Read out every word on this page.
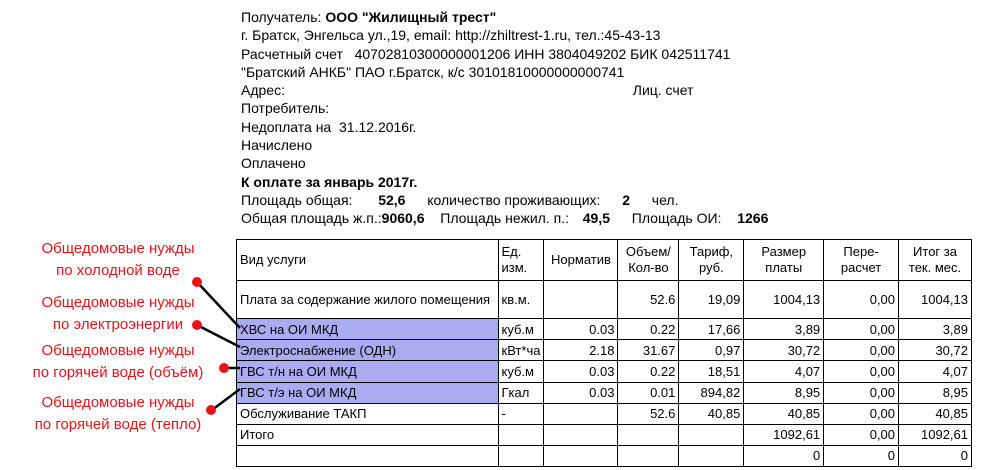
Получатель: ООО "Жилищный трест"
г. Братск, Энгельса ул.,19, email: http://zhiltrest-1.ru, тел.:45-43-13
Расчетный счет 40702810300000001206 ИНН 3804049202 БИК 042511741
"Братский АНКБ" ПАО г.Братск, к/с 30101810000000000741
Адрес:	Лиц. счет
Потребитель:
Недоплата на 31.12.2016г.
Начислено
Оплачено
К оплате за январь 2017г.
Площадь общая: 52,6 количество проживающих: 2 чел.
Общая площадь ж.п.:9060,6 Площадь нежил. п.: 49,5 Площадь ОИ: 1266
Вид услуги	Ед. изм.	Норматив	Объем/ Кол-во	Тариф, руб.	Размер платы	Пере- расчет	Итог за тек. мес.
Плата за содержание жилого помещения	кв.м.		52.6	19,09	1004,13	0,00	1004,13
ХВС на ОИ МКД	куб.м	0.03	0.22	17,66	3,89	0,00	3,89
Электроснабжение (ОДН)	кВт*ча	2.18	31.67	0,97	30,72	0,00	30,72
ГВС т/н на ОИ МКД	куб.м	0.03	0.22	18,51	4,07	0,00	4,07
ГВС т/э на ОИ МКД	Гкал	0.03	0.01	894,82	8,95	0,00	8,95
Обслуживание ТАКП	-		52.6	40,85	40,85	0,00	40,85
Итого					1092,61	0,00	1092,61
					0	0	0
Общедомовые нужды
по холодной воде
Общедомовые нужды
по электроэнергии
Общедомовые нужды
по горячей воде (объём)
Общедомовые нужды
по горячей воде (тепло)
